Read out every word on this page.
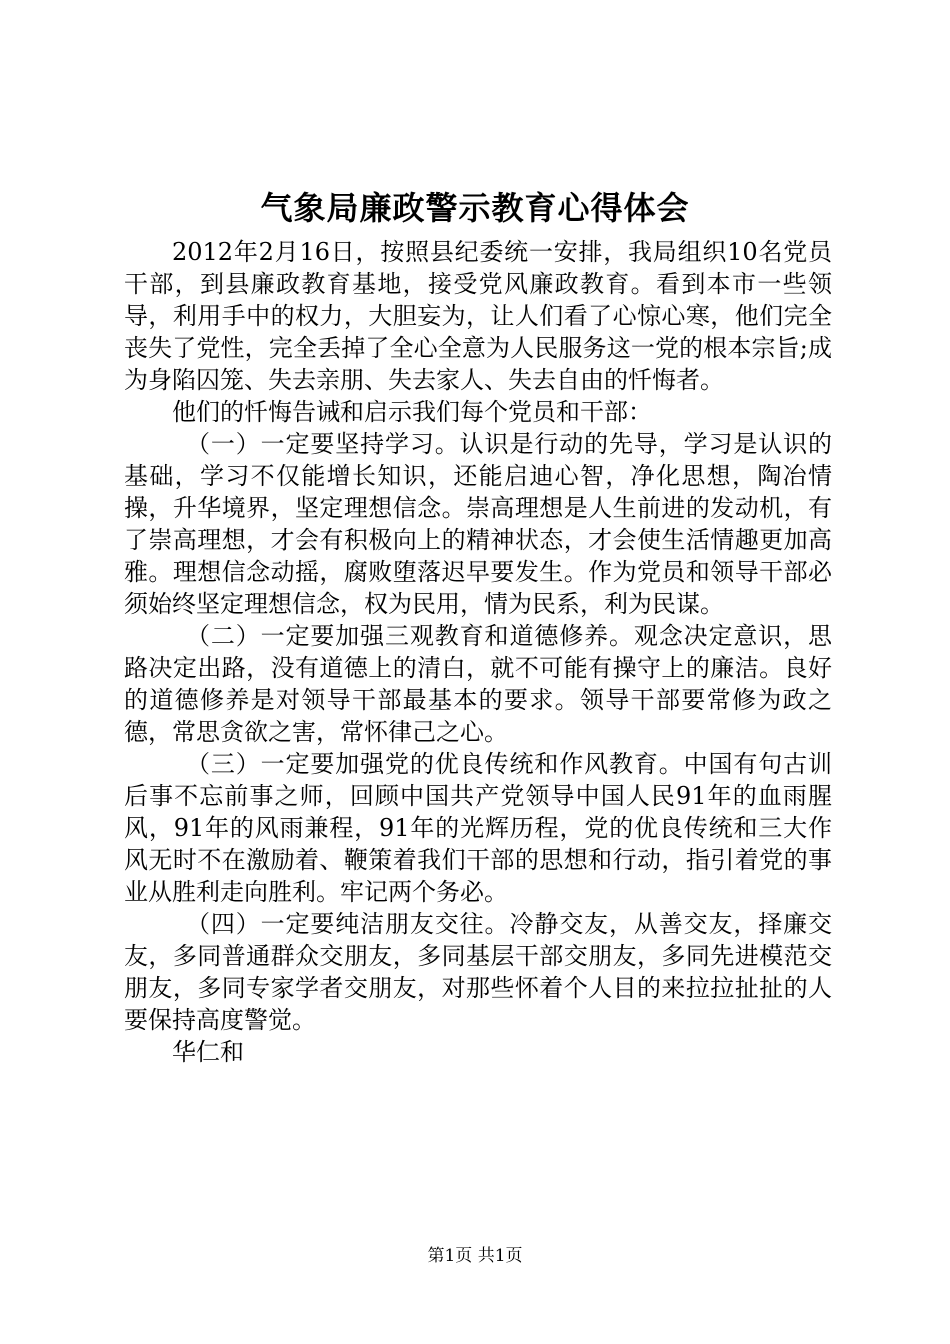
气象局廉政警示教育心得体会

2012年2月16日，按照县纪委统一安排，我局组织10名党员干部，到县廉政教育基地，接受党风廉政教育。看到本市一些领导，利用手中的权力，大胆妄为，让人们看了心惊心寒，他们完全丧失了党性，完全丢掉了全心全意为人民服务这一党的根本宗旨;成为身陷囚笼、失去亲朋、失去家人、失去自由的忏悔者。

他们的忏悔告诫和启示我们每个党员和干部：

（一）一定要坚持学习。认识是行动的先导，学习是认识的基础，学习不仅能增长知识，还能启迪心智，净化思想，陶冶情操，升华境界，坚定理想信念。崇高理想是人生前进的发动机，有了崇高理想，才会有积极向上的精神状态，才会使生活情趣更加高雅。理想信念动摇，腐败堕落迟早要发生。作为党员和领导干部必须始终坚定理想信念，权为民用，情为民系，利为民谋。

（二）一定要加强三观教育和道德修养。观念决定意识，思路决定出路，没有道德上的清白，就不可能有操守上的廉洁。良好的道德修养是对领导干部最基本的要求。领导干部要常修为政之德，常思贪欲之害，常怀律己之心。

（三）一定要加强党的优良传统和作风教育。中国有句古训后事不忘前事之师，回顾中国共产党领导中国人民91年的血雨腥风，91年的风雨兼程，91年的光辉历程，党的优良传统和三大作风无时不在激励着、鞭策着我们干部的思想和行动，指引着党的事业从胜利走向胜利。牢记两个务必。

（四）一定要纯洁朋友交往。冷静交友，从善交友，择廉交友，多同普通群众交朋友，多同基层干部交朋友，多同先进模范交朋友，多同专家学者交朋友，对那些怀着个人目的来拉拉扯扯的人要保持高度警觉。

华仁和

第1页 共1页
